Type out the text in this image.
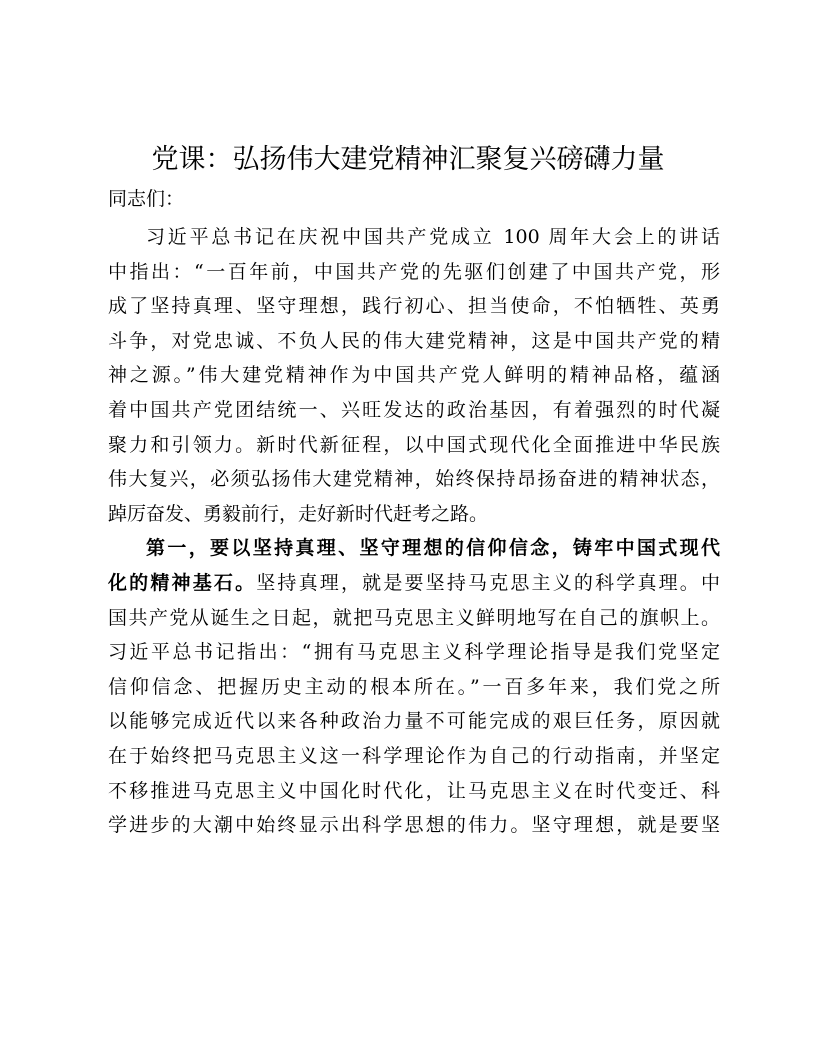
党课：弘扬伟大建党精神汇聚复兴磅礴力量

同志们：

习近平总书记在庆祝中国共产党成立 100 周年大会上的讲话
中指出：“一百年前，中国共产党的先驱们创建了中国共产党，形
成了坚持真理、坚守理想，践行初心、担当使命，不怕牺牲、英勇
斗争，对党忠诚、不负人民的伟大建党精神，这是中国共产党的精
神之源。”伟大建党精神作为中国共产党人鲜明的精神品格，蕴涵
着中国共产党团结统一、兴旺发达的政治基因，有着强烈的时代凝
聚力和引领力。新时代新征程，以中国式现代化全面推进中华民族
伟大复兴，必须弘扬伟大建党精神，始终保持昂扬奋进的精神状态，
踔厉奋发、勇毅前行，走好新时代赶考之路。
第一，要以坚持真理、坚守理想的信仰信念，铸牢中国式现代
化的精神基石。坚持真理，就是要坚持马克思主义的科学真理。中
国共产党从诞生之日起，就把马克思主义鲜明地写在自己的旗帜上。
习近平总书记指出：“拥有马克思主义科学理论指导是我们党坚定
信仰信念、把握历史主动的根本所在。”一百多年来，我们党之所
以能够完成近代以来各种政治力量不可能完成的艰巨任务，原因就
在于始终把马克思主义这一科学理论作为自己的行动指南，并坚定
不移推进马克思主义中国化时代化，让马克思主义在时代变迁、科
学进步的大潮中始终显示出科学思想的伟力。坚守理想，就是要坚
